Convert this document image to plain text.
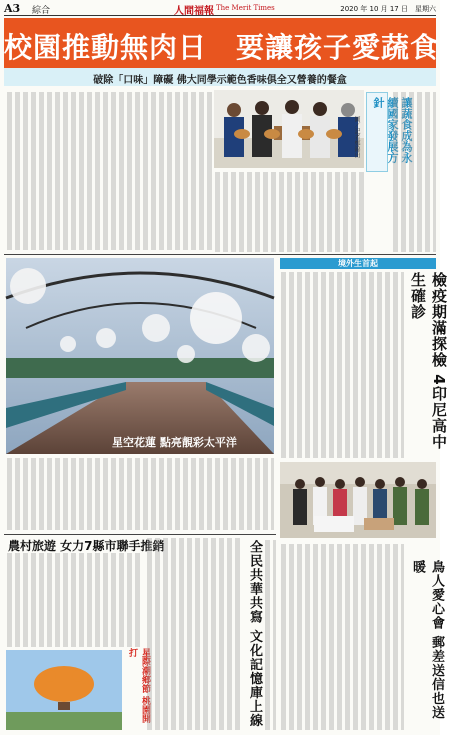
A3 綜合	人間福報 The Merit Times	2020 年 10 月 17 日　星期六
校園推動無肉日　要讓孩子愛蔬食
破除「口味」障礙 佛大同學示範色香味俱全又營養的餐盒
讓蔬食成為永續國家發展方針
圖／記者鄭錦田
星空花蓮 點亮靚彩太平洋
境外生首起
檢疫期滿探檢 4印尼高中生確診
農村旅遊 女力7縣市聯手推銷
星際潮鄉節 桃園開打	全民共華共寫 文化記憶庫上線	鳥人愛心會 郵差送信也送暖
